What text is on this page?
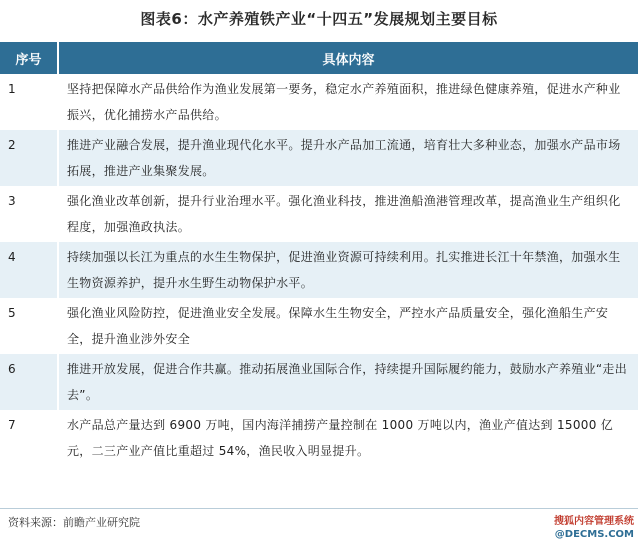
图表6：水产养殖铁产业“十四五”发展规划主要目标
序号	具体内容
1	坚持把保障水产品供给作为渔业发展第一要务，稳定水产养殖面积，推进绿色健康养殖，促进水产种业振兴，优化捕捞水产品供给。
2	推进产业融合发展，提升渔业现代化水平。提升水产品加工流通，培育壮大多种业态，加强水产品市场拓展，推进产业集聚发展。
3	强化渔业改革创新，提升行业治理水平。强化渔业科技，推进渔船渔港管理改革，提高渔业生产组织化程度，加强渔政执法。
4	持续加强以长江为重点的水生生物保护，促进渔业资源可持续利用。扎实推进长江十年禁渔，加强水生生物资源养护，提升水生野生动物保护水平。
5	强化渔业风险防控，促进渔业安全发展。保障水生生物安全，严控水产品质量安全，强化渔船生产安全，提升渔业涉外安全
6	推进开放发展，促进合作共赢。推动拓展渔业国际合作，持续提升国际履约能力，鼓励水产养殖业“走出去”。
7	水产品总产量达到 6900 万吨，国内海洋捕捞产量控制在 1000 万吨以内，渔业产值达到 15000 亿元，二三产业产值比重超过 54%，渔民收入明显提升。
资料来源：前瞻产业研究院	搜狐内容管理系统
@DECMS.COM
